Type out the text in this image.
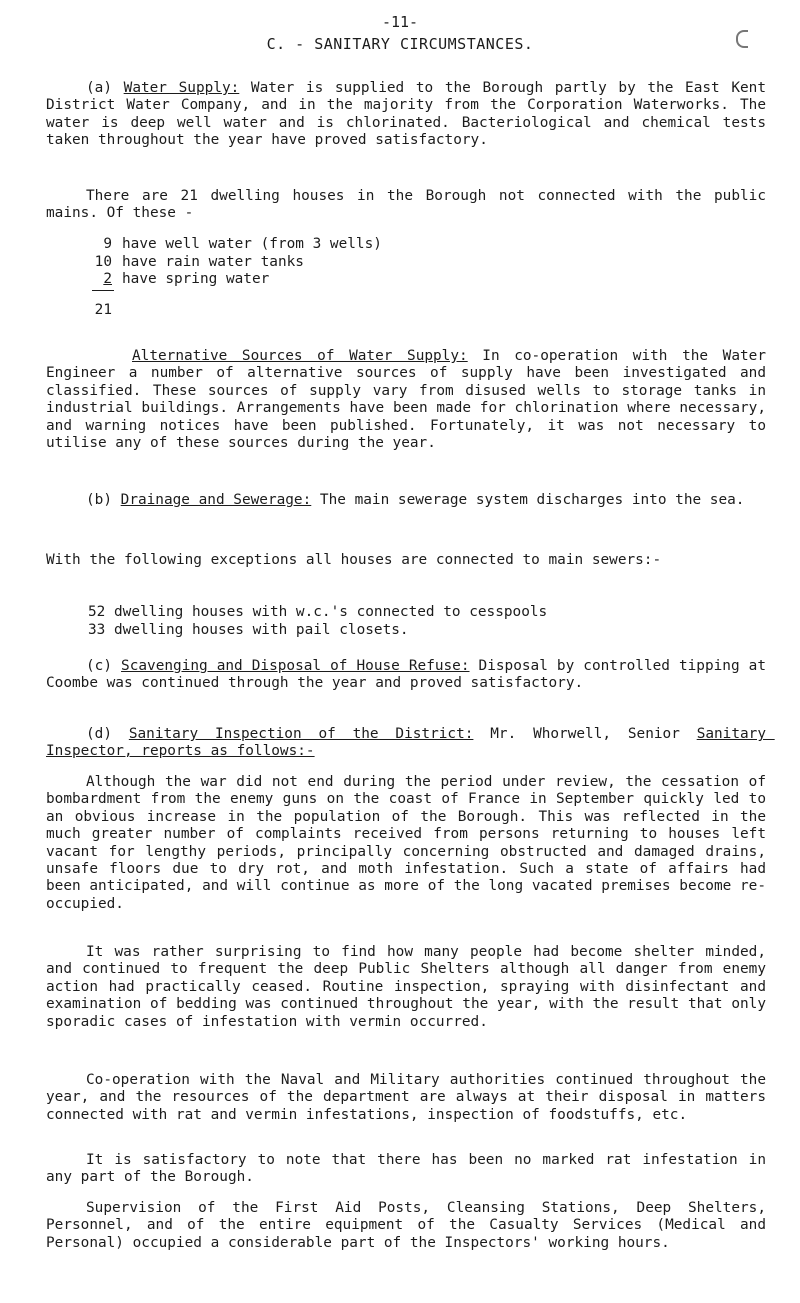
-11-
C. - SANITARY CIRCUMSTANCES.

(a) Water Supply: Water is supplied to the Borough partly by the East Kent District Water Company, and in the majority from the Corporation Waterworks. The water is deep well water and is chlorinated. Bacteriological and chemical tests taken throughout the year have proved satisfactory.

There are 21 dwelling houses in the Borough not connected with the public mains. Of these -

9 have well water (from 3 wells)
10 have rain water tanks
2 have spring water
21

Alternative Sources of Water Supply: In co-operation with the Water Engineer a number of alternative sources of supply have been investigated and classified. These sources of supply vary from disused wells to storage tanks in industrial buildings. Arrangements have been made for chlorination where necessary, and warning notices have been published. Fortunately, it was not necessary to utilise any of these sources during the year.

(b) Drainage and Sewerage: The main sewerage system discharges into the sea.

With the following exceptions all houses are connected to main sewers:-

52 dwelling houses with w.c.'s connected to cesspools
33 dwelling houses with pail closets.

(c) Scavenging and Disposal of House Refuse: Disposal by controlled tipping at Coombe was continued through the year and proved satisfactory.

(d) Sanitary Inspection of the District: Mr. Whorwell, Senior Sanitary Inspector, reports as follows:-

Although the war did not end during the period under review, the cessation of bombardment from the enemy guns on the coast of France in September quickly led to an obvious increase in the population of the Borough. This was reflected in the much greater number of complaints received from persons returning to houses left vacant for lengthy periods, principally concerning obstructed and damaged drains, unsafe floors due to dry rot, and moth infestation. Such a state of affairs had been anticipated, and will continue as more of the long vacated premises become re-occupied.

It was rather surprising to find how many people had become shelter minded, and continued to frequent the deep Public Shelters although all danger from enemy action had practically ceased. Routine inspection, spraying with disinfectant and examination of bedding was continued throughout the year, with the result that only sporadic cases of infestation with vermin occurred.

Co-operation with the Naval and Military authorities continued throughout the year, and the resources of the department are always at their disposal in matters connected with rat and vermin infestations, inspection of foodstuffs, etc.

It is satisfactory to note that there has been no marked rat infestation in any part of the Borough.

Supervision of the First Aid Posts, Cleansing Stations, Deep Shelters, Personnel, and of the entire equipment of the Casualty Services (Medical and Personal) occupied a considerable part of the Inspectors' working hours.
